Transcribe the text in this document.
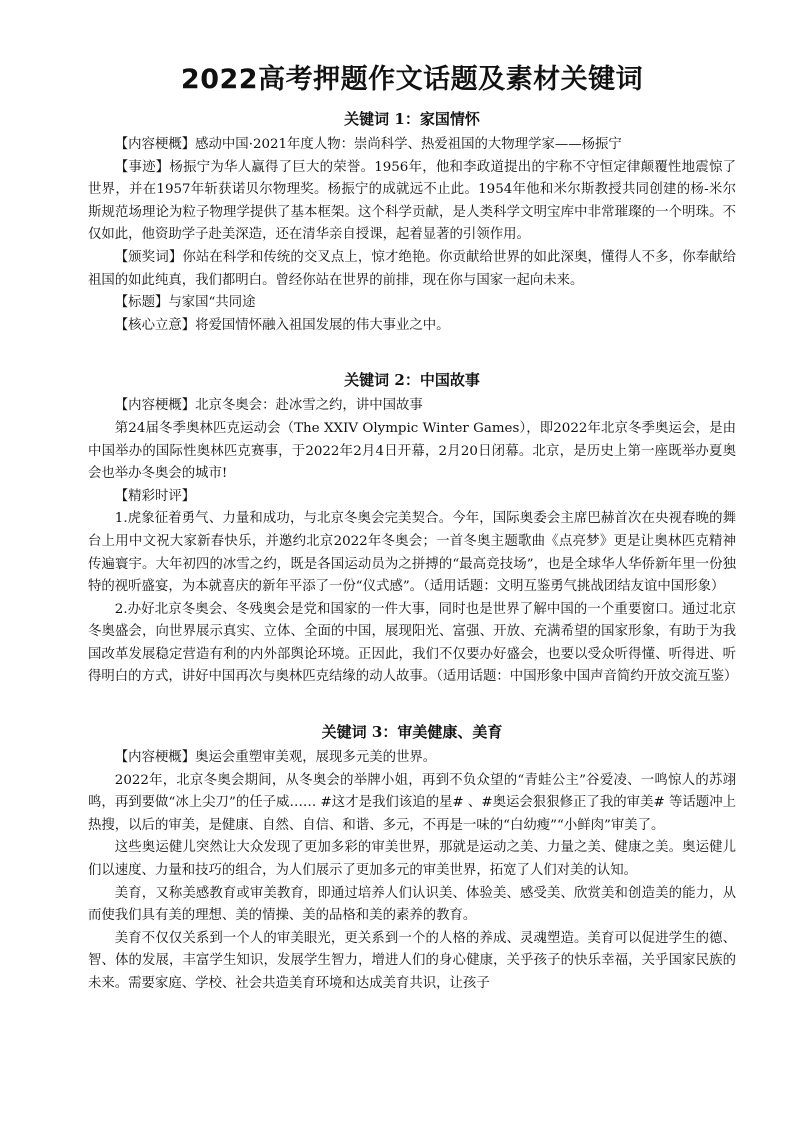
2022高考押题作文话题及素材关键词
关键词 1：家国情怀

【内容梗概】感动中国·2021年度人物：崇尚科学、热爱祖国的大物理学家——杨振宁

【事迹】杨振宁为华人赢得了巨大的荣誉。1956年，他和李政道提出的宇称不守恒定律颠覆性地震惊了世界，并在1957年斩获诺贝尔物理奖。杨振宁的成就远不止此。1954年他和米尔斯教授共同创建的杨-米尔斯规范场理论为粒子物理学提供了基本框架。这个科学贡献，是人类科学文明宝库中非常璀璨的一个明珠。不仅如此，他资助学子赴美深造，还在清华亲自授课，起着显著的引领作用。

【颁奖词】你站在科学和传统的交叉点上，惊才绝艳。你贡献给世界的如此深奥，懂得人不多，你奉献给祖国的如此纯真，我们都明白。曾经你站在世界的前排，现在你与国家一起向未来。

【标题】与家国“共同途

【核心立意】将爱国情怀融入祖国发展的伟大事业之中。

关键词 2：中国故事

【内容梗概】北京冬奥会：赴冰雪之约，讲中国故事

第24届冬季奥林匹克运动会（The XXIV Olympic Winter Games），即2022年北京冬季奥运会，是由中国举办的国际性奥林匹克赛事，于2022年2月4日开幕，2月20日闭幕。北京，是历史上第一座既举办夏奥会也举办冬奥会的城市!

【精彩时评】

1.虎象征着勇气、力量和成功，与北京冬奥会完美契合。今年，国际奥委会主席巴赫首次在央视春晚的舞台上用中文祝大家新春快乐，并邀约北京2022年冬奥会；一首冬奥主题歌曲《点亮梦》更是让奥林匹克精神传遍寰宇。大年初四的冰雪之约，既是各国运动员为之拼搏的“最高竞技场”，也是全球华人华侨新年里一份独特的视听盛宴，为本就喜庆的新年平添了一份“仪式感”。（适用话题：文明互鉴勇气挑战团结友谊中国形象）

2.办好北京冬奥会、冬残奥会是党和国家的一件大事，同时也是世界了解中国的一个重要窗口。通过北京冬奥盛会，向世界展示真实、立体、全面的中国，展现阳光、富强、开放、充满希望的国家形象，有助于为我国改革发展稳定营造有利的内外部舆论环境。正因此，我们不仅要办好盛会，也要以受众听得懂、听得进、听得明白的方式，讲好中国再次与奥林匹克结缘的动人故事。（适用话题：中国形象中国声音简约开放交流互鉴）

关键词 3：审美健康、美育

【内容梗概】奥运会重塑审美观，展现多元美的世界。

2022年，北京冬奥会期间，从冬奥会的举牌小姐，再到不负众望的“青蛙公主”谷爱凌、一鸣惊人的苏翊鸣，再到要做“冰上尖刀”的任子威…… #这才是我们该追的星# 、#奥运会狠狠修正了我的审美# 等话题冲上热搜，以后的审美，是健康、自然、自信、和谐、多元，不再是一味的“白幼瘦”“小鲜肉”审美了。

这些奥运健儿突然让大众发现了更加多彩的审美世界，那就是运动之美、力量之美、健康之美。奥运健儿们以速度、力量和技巧的组合，为人们展示了更加多元的审美世界，拓宽了人们对美的认知。

美育，又称美感教育或审美教育，即通过培养人们认识美、体验美、感受美、欣赏美和创造美的能力，从而使我们具有美的理想、美的情操、美的品格和美的素养的教育。

美育不仅仅关系到一个人的审美眼光，更关系到一个的人格的养成、灵魂塑造。美育可以促进学生的德、智、体的发展，丰富学生知识，发展学生智力，增进人们的身心健康，关乎孩子的快乐幸福，关乎国家民族的未来。需要家庭、学校、社会共造美育环境和达成美育共识，让孩子
